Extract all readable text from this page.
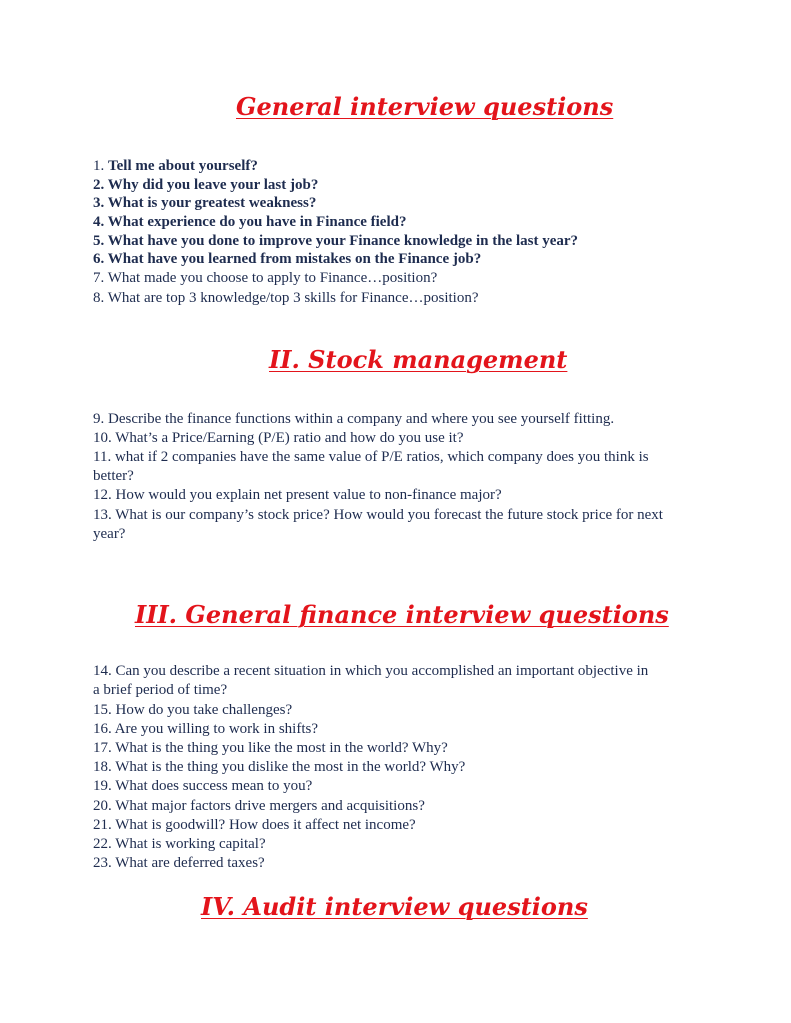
General interview questions
1. Tell me about yourself?
2. Why did you leave your last job?
3. What is your greatest weakness?
4. What experience do you have in Finance field?
5. What have you done to improve your Finance knowledge in the last year?
6. What have you learned from mistakes on the Finance job?
7. What made you choose to apply to Finance…position?
8. What are top 3 knowledge/top 3 skills for Finance…position?
II. Stock management
9. Describe the finance functions within a company and where you see yourself fitting.
10. What’s a Price/Earning (P/E) ratio and how do you use it?
11. what if 2 companies have the same value of P/E ratios, which company does you think is better?
12. How would you explain net present value to non-finance major?
13. What is our company’s stock price? How would you forecast the future stock price for next year?
III. General finance interview questions
14. Can you describe a recent situation in which you accomplished an important objective in a brief period of time?
15. How do you take challenges?
16. Are you willing to work in shifts?
17. What is the thing you like the most in the world? Why?
18. What is the thing you dislike the most in the world? Why?
19. What does success mean to you?
20. What major factors drive mergers and acquisitions?
21. What is goodwill? How does it affect net income?
22. What is working capital?
23. What are deferred taxes?
IV. Audit interview questions
